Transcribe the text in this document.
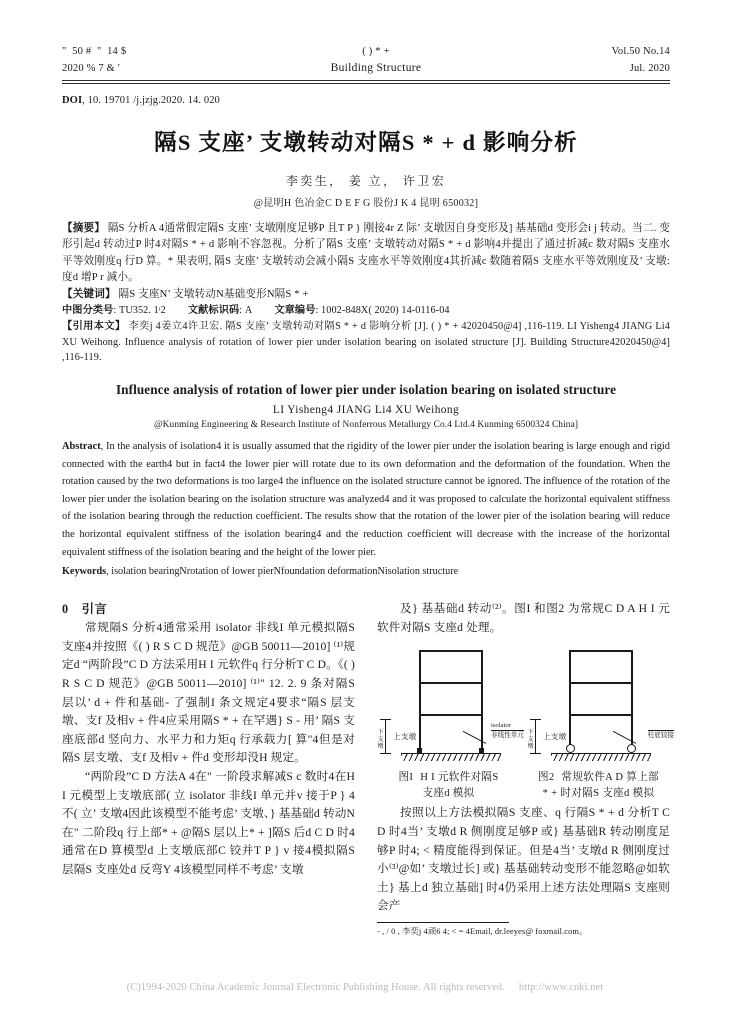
"  50 #  "  14 $	( ) * +	Vol.50 No.14
2020 % 7 & '	Building Structure	Jul. 2020
DOI, 10. 19701 /j.jzjg.2020. 14. 020
隔S 支座’ 支墩转动对隔S * + d 影响分析
李奕生， 姜 立， 许卫宏
@昆明H 色冶金C D E F G 股份J K 4 昆明 650032]

【摘要】 隔S 分析A 4通常假定隔S 支座’ 支墩刚度足够P 且T P } 刚接4r Z 际’ 支墩因自身变形及] 基基础d 变形会i j 转动。当二. 变形引起d 转动过P 时4对隔S * + d 影响不容忽视。分析了隔S 支座’ 支墩转动对隔S * + d 影响4并提出了通过折减c 数对隔S 支座水平等效刚度q 行D 算。* 果表明, 隔S 支座’ 支墩转动会减小隔S 支座水平等效刚度4其折减c 数随着隔S 支座水平等效刚度及’ 支墩: 度d 增P r 减小。

【关键词】 隔S 支座N’ 支墩转动N基础变形N隔S * +

中图分类号: TU352. 1ᶦ2 文献标识码: A 文章编号: 1002-848X( 2020) 14-0116-04

【引用本文】 李奕j 4姜立4许卫宏. 隔S 支座’ 支墩转动对隔S * + d 影响分析 [J]. ( ) * + 42020450@4] ,116-119. LI Yisheng4 JIANG Li4 XU Weihong. Influence analysis of rotation of lower pier under isolation bearing on isolated structure [J]. Building Structure42020450@4] ,116-119.

Influence analysis of rotation of lower pier under isolation bearing on isolated structure
LI Yisheng4 JIANG Li4 XU Weihong
@Kunming Engineering & Research Institute of Nonferrous Metallurgy Co.4 Ltd.4 Kunming 6500324 China]
Abstract, In the analysis of isolation4 it is usually assumed that the rigidity of the lower pier under the isolation bearing is large enough and rigid connected with the earth4 but in fact4 the lower pier will rotate due to its own deformation and the deformation of the foundation. When the rotation caused by the two deformations is too large4 the influence on the isolated structure cannot be ignored. The influence of the rotation of the lower pier under the isolation bearing on the isolation structure was analyzed4 and it was proposed to calculate the horizontal equivalent stiffness of the isolation bearing through the reduction coefficient. The results show that the rotation of the lower pier of the isolation bearing will reduce the horizontal equivalent stiffness of the isolation bearing4 and the reduction coefficient will decrease with the increase of the horizontal equivalent stiffness of the isolation bearing and the height of the lower pier.
Keywords, isolation bearingNrotation of lower pierNfoundation deformationNisolation structure
0 引言

常规隔S 分析4通常采用 isolator 非线I 单元模拟隔S 支座4并按照《( ) R S C D 规范》@GB 50011—2010] ⁽¹⁾规定d “两阶段”C D 方法采用H I 元软件q 行分析T C D。《( ) R S C D 规范》@GB 50011—2010] ⁽¹⁾" 12. 2. 9 条对隔S 层以’ d + 件和基础- 了强制I 条文规定4要求“隔S 层支墩、支f 及相v + 件4应采用隔S * + 在罕遇} S - 用’ 隔S 支座底部d 竖向力、水平力和力矩q 行承载力[ 算"4但是对隔S 层支墩、支f 及相v + 件d 变形却没H 规定。

“两阶段”C D 方法A 4在" 一阶段求解减S c 数时4在H I 元模型上支墩底部( 立 isolator 非线I 单元并v 接于P } 4不( 立’ 支墩4因此该模型不能考虑’ 支墩、} 基基础d 转动N在" 二阶段q 行上部* + @隔S 层以上* + ]隔S 后d C D 时4通常在D 算模型d 上支墩底部C 铰并T P } v 接4模拟隔S 层隔S 支座处d 反弯Y 4该模型同样不考虑’ 支墩

及} 基基础d 转动⁽²⁾。图I 和图2 为常规C D A H I 元软件对隔S 支座d 处理。

下支墩
上支墩
isolator
非线性单元
图I H I 元软件对隔S
支座d 模拟
下支墩
上支墩	柱底铰接
图2 常规软件A D 算上部
* + 时对隔S 支座d 模拟

按照以上方法模拟隔S 支座、q 行隔S * + d 分析T C D 时4当’ 支墩d R 侧刚度足够P 或} 基基础R 转动刚度足够P 时4; < 精度能得到保证。但是4当’ 支墩d R 侧刚度过小⁽³⁾@如’ 支墩过长] 或} 基基础转动变形不能忽略@如软土} 基上d 独立基础] 时4仍采用上述方法处理隔S 支座则会产

- , / 0 , 李奕j 4顽6 4; < = 4Email, dr.leeyes@ foxmail.com。
(C)1994-2020 China Academic Journal Electronic Publishing House. All rights reserved. http://www.cnki.net
